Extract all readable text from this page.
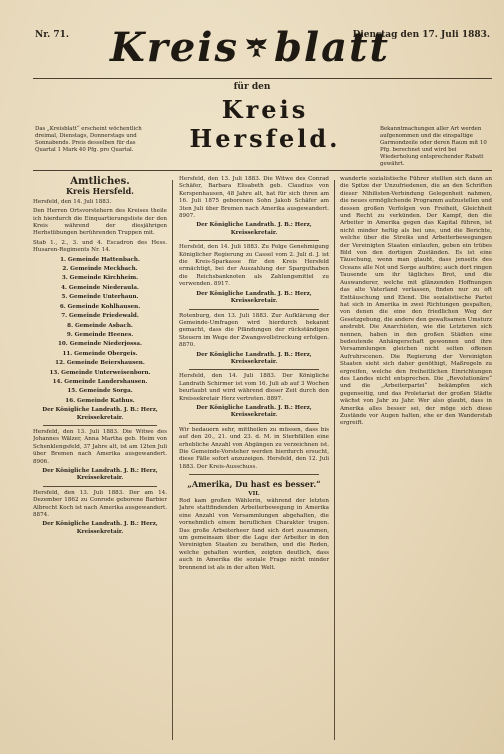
Nr. 71.	Dienstag den 17. Juli 1883.
Kreis blatt
für den
Kreis Hersfeld.
Das „Kreisblatt“ erscheint wöchentlich dreimal, Dienstags, Donnerstags und Sonnabends. Preis desselben für das Quartal 1 Mark 40 Pfg. pro Quartal.
Bekanntmachungen aller Art werden aufgenommen und die einspaltige Garmondzeile oder deren Raum mit 10 Pfg. berechnet und wird bei Wiederholung entsprechender Rabatt gewährt.
Amtliches.
Kreis Hersfeld.
Hersfeld, den 14. Juli 1883.
Den Herren Ortsvorstehern des Kreises theile ich hierdurch die Einquartierungsliste der den Kreis während der diesjährigen Herbstübungen berührenden Truppen mit.
Stab 1., 2., 3. und 4. Escadron des Hess. Husaren-Regiments Nr. 14.
1. Gemeinde Hattenbach.
2. Gemeinde Meckbach.
3. Gemeinde Kirchheim.
4. Gemeinde Niederaula.
5. Gemeinde Unterhaun.
6. Gemeinde Kohlhausen.
7. Gemeinde Friedewald.
8. Gemeinde Asbach.
9. Gemeinde Heenes.
10. Gemeinde Niederjossa.
11. Gemeinde Obergeis.
12. Gemeinde Beiershausen.
13. Gemeinde Unterweisenborn.
14. Gemeinde Landershausen.
15. Gemeinde Sorga.
16. Gemeinde Kathus.
Der Königliche Landrath. J. B.: Herz, Kreissekretair.
Hersfeld, den 13. Juli 1883. Die Witwe des Johannes Wälzer, Anna Martha geb. Heim von Schenklengsfeld, 37 Jahre alt, ist am 12ten Juli über Bremen nach Amerika ausgewandert. 8906.
Der Königliche Landrath. J. B.: Herz, Kreissekretair.
Hersfeld, den 13. Juli 1883. Der am 14. Dezember 1862 zu Conrode geborene Barbier Albrecht Koch ist nach Amerika ausgewandert. 8874.
Der Königliche Landrath. J. B.: Herz, Kreissekretair.
Hersfeld, den 13. Juli 1883. Die Witwe des Conrad Schäfer, Barbara Elisabeth geb. Claudius von Kerspenhausen, 48 Jahre alt, hat für sich ihren am 16. Juli 1875 geborenen Sohn Jakob Schäfer am 3ten Juli über Bremen nach Amerika ausgewandert. 8907.
Der Königliche Landrath. J. B.: Herz, Kreissekretair.
Hersfeld, den 14. Juli 1883. Zu Folge Genehmigung Königlicher Regierung zu Cassel vom 2. Juli d. J. ist die Kreis-Sparkasse für den Kreis Hersfeld ermächtigt, bei der Auszahlung der Sparguthaben die Reichsbanknoten als Zahlungsmittel zu verwenden. 8917.
Der Königliche Landrath. J. B.: Herz, Kreissekretair.
Rotenburg, den 13. Juli 1883. Zur Aufklärung der Gemeinde-Umfragen wird hierdurch bekannt gemacht, dass die Pfändungen der rückständigen Steuern im Wege der Zwangsvollstreckung erfolgen. 8870.
Der Königliche Landrath. J. B.: Herz, Kreissekretair.
Hersfeld, den 14. Juli 1883. Der Königliche Landrath Schirmer ist vom 16. Juli ab auf 3 Wochen beurlaubt und wird während dieser Zeit durch den Kreissekretair Herz vertreten. 8897.
Der Königliche Landrath. J. B.: Herz, Kreissekretair.
Wir bedauern sehr, mittheilen zu müssen, dass bis auf den 20., 21. und 23. d. M. in Sterbfällen eine erhebliche Anzahl von Abgängen zu verzeichnen ist. Die Gemeinde-Vorsteher werden hierdurch ersucht, diese Fälle sofort anzuzeigen. Hersfeld, den 12. Juli 1883. Der Kreis-Ausschuss.
„Amerika, Du hast es besser.“
VII.
Rod kam großen Wählerin, während der letzten Jahre stattfindenden Arbeiterbewegung in Amerika eine Anzahl von Versammlungen abgehalten, die vornehmlich einem beruflichen Charakter trugen. Das große Arbeiterheer fand sich dort zusammen, um gemeinsam über die Lage der Arbeiter in den Vereinigten Staaten zu berathen, und die Reden, welche gehalten wurden, zeigten deutlich, dass auch in Amerika die soziale Frage nicht minder brennend ist als in der alten Welt.
wanderte sozialistische Führer stellten sich dann an die Spitze der Unzufriedenen, die an den Schriften dieser Nihilisten-Verbindung Gelegenheit nahmen, die neues ermöglichende Programm aufzustellen und dessen großen Verfolgen von Freiheit, Gleichheit und Recht zu verkünden. Der Kampf, den die Arbeiter in Amerika gegen das Kapital führen, ist nicht minder heftig als bei uns, und die Berichte, welche über die Streiks und Arbeiterbewegungen der Vereinigten Staaten einlaufen, geben ein trübes Bild von den dortigen Zuständen. Es ist eine Täuschung, wenn man glaubt, dass jenseits des Oceans alle Not und Sorge aufhöre; auch dort ringen Tausende um ihr tägliches Brot, und die Auswanderer, welche mit glänzenden Hoffnungen das alte Vaterland verlassen, finden nur zu oft Enttäuschung und Elend. Die sozialistische Partei hat sich in Amerika in zwei Richtungen gespalten, von denen die eine den friedlichen Weg der Gesetzgebung, die andere den gewaltsamen Umsturz anstrebt. Die Anarchisten, wie die Letzteren sich nennen, haben in den großen Städten eine bedeutende Anhängerschaft gewonnen und ihre Versammlungen gleichen nicht selten offenen Aufruhrscenen. Die Regierung der Vereinigten Staaten sieht sich daher genöthigt, Maßregeln zu ergreifen, welche den freiheitlichen Einrichtungen des Landes nicht entsprechen. Die „Revolutionäre“ und die „Arbeiterpartei“ bekämpfen sich gegenseitig, und das Proletariat der großen Städte wächst von Jahr zu Jahr. Wer also glaubt, dass in Amerika alles besser sei, der möge sich diese Zustände vor Augen halten, ehe er den Wanderstab ergreift.
